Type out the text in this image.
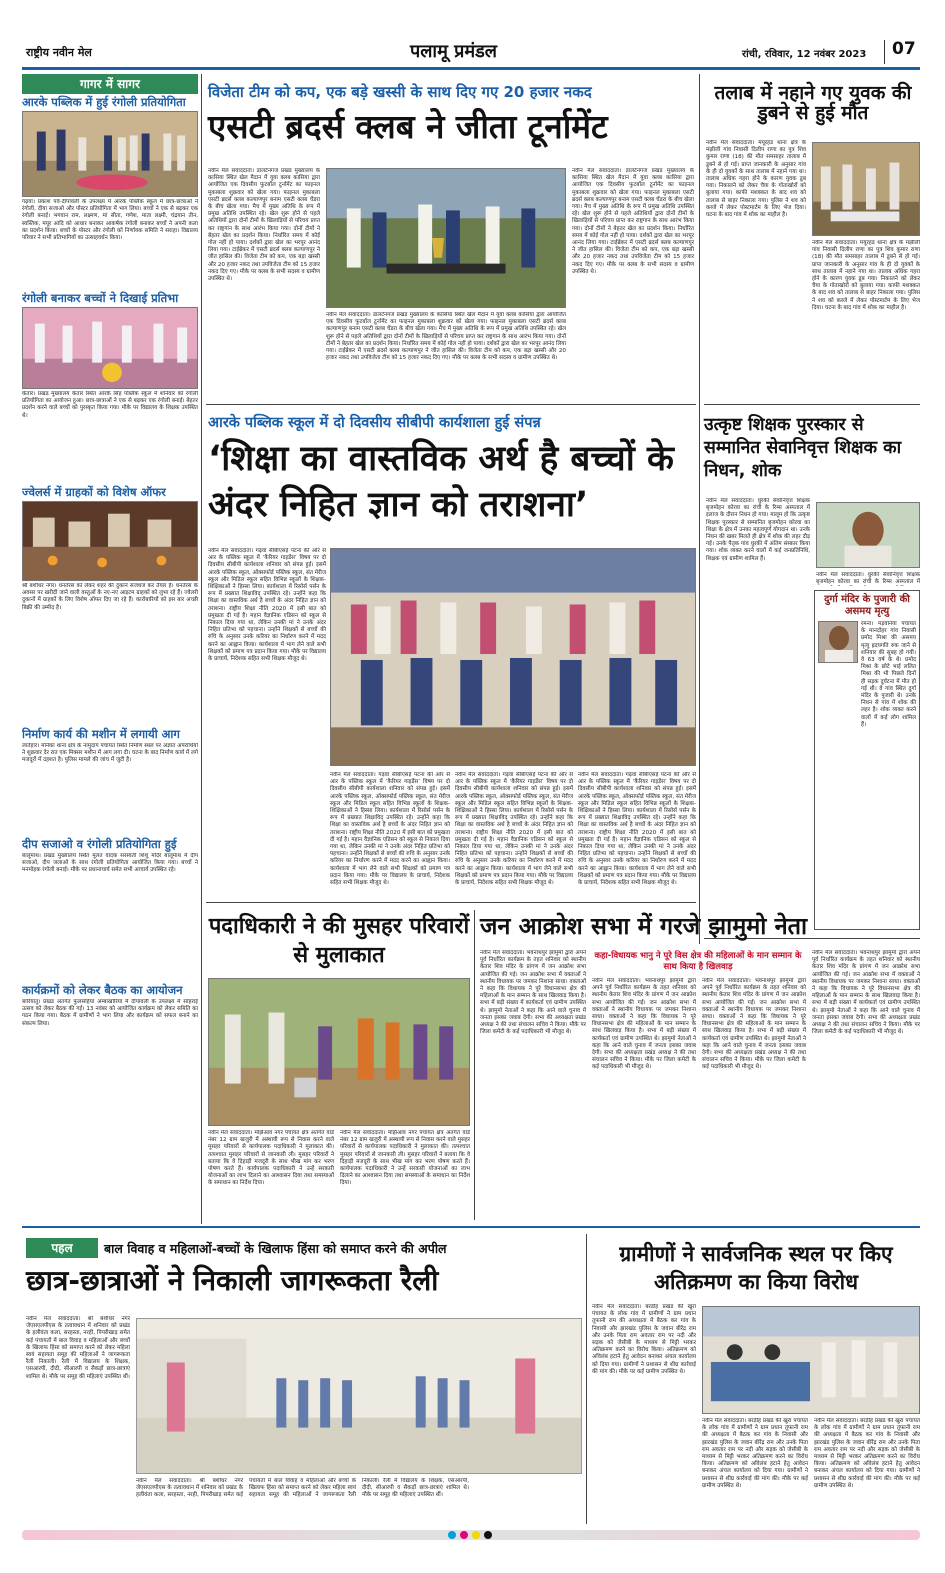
राष्ट्रीय नवीन मेल	पलामू प्रमंडल	रांची, रविवार, 12 नवंबर 2023 07
गागर में सागर
आरके पब्लिक में हुई रंगोली प्रतियोगिता
गढ़वा। प्रकाश पर्व-दीपावली के उपलक्ष्य में आरके पब्लिक स्कूल में छात्र-छात्राओं ने रंगोली, दीया सजाओ और पोस्टर प्रतियोगिता में भाग लिया। बच्चों ने एक से बढ़कर एक रंगोली बनाई। भगवान राम, लक्ष्मण, मां सीता, गणेश, माता लक्ष्मी, चंद्रयान तीन, स्वस्तिक, मयूर आदि को आधार बनाकर आकर्षक रंगोली बनाकर बच्चों ने अपनी कला का प्रदर्शन किया। बच्चों के पोस्टर और रंगोली को निर्णायक समिति ने सराहा। विद्यालय परिवार ने सभी प्रतिभागियों का उत्साहवर्धन किया।
रंगोली बनाकर बच्चों ने दिखाई प्रतिभा
केतार। प्रखंड मुख्यालय केतार स्थित आरके सिंह पब्लिक स्कूल में शनिवार को रंगोली प्रतियोगिता का आयोजन हुआ। छात्र-छात्राओं ने एक से बढ़कर एक रंगोली बनाई। बेहतर प्रदर्शन करने वाले बच्चों को पुरस्कृत किया गया। मौके पर विद्यालय के शिक्षक उपस्थित थे।
ज्वेलर्स में ग्राहकों को विशेष ऑफर
श्री बंशीधर नगर। धनतेरस को लेकर शहर की दुकानें सजधज कर तैयार हैं। धनतेरस के अवसर पर खरीदी जाने वाली वस्तुओं के नए-नए आइटम ग्राहकों को लुभा रहे हैं। ज्वेलरी दुकानों में ग्राहकों के लिए विशेष ऑफर दिए जा रहे हैं। कारोबारियों को इस बार अच्छी बिक्री की उम्मीद है।
निर्माण कार्य की मशीन में लगायी आग
लातेहार। मनिका थाना क्षेत्र के नामुदाग पंचायत स्थित निर्माण स्थल पर अज्ञात अपराधियों ने शुक्रवार देर रात एक मिक्सर मशीन में आग लगा दी। घटना के बाद निर्माण कार्य में लगे मजदूरों में दहशत है। पुलिस मामले की जांच में जुटी है।
दीप सजाओ व रंगोली प्रतियोगिता हुई
बालूमाथ। प्रखंड मुख्यालय स्थित मूलत वादक सरस्वती शिशु मंदिर बालूमाथ में दीप सजाओ, दीप जलाओ के साथ रंगोली प्रतियोगिता आयोजित किया गया। बच्चों ने मनमोहक रंगोली बनाई। मौके पर प्रधानाचार्य समेत सभी आचार्य उपस्थित रहे।
कार्यक्रमों को लेकर बैठक का आयोजन
बारियातु। प्रखंड अंतर्गत फुलसहिया अम्बाखोरिया में दीपावली के उपलक्ष्य में सोहराई उत्सव को लेकर बैठक की गई। 13 नवंबर को आयोजित कार्यक्रम को लेकर समिति का गठन किया गया। बैठक में ग्रामीणों ने भाग लिया और कार्यक्रम को सफल बनाने का संकल्प लिया।
विजेता टीम को कप, एक बड़े खस्सी के साथ दिए गए 20 हजार नकद
एसटी ब्रदर्स क्लब ने जीता टूर्नामेंट
नवीन मेल संवाददाता। डालटेनगंज प्रखंड मुख्यालय के कासिया स्थित खेल मैदान में युवा क्लब कासिया द्वारा आयोजित एक दिवसीय फुटबॉल टूर्नामेंट का फाइनल मुकाबला शुक्रवार को खेला गया। फाइनल मुकाबला एसटी ब्रदर्स क्लब कल्याणपुर बनाम एसटी क्लब चेंडरा के बीच खेला गया। मैच में मुख्य अतिथि के रूप में प्रमुख अतिथि उपस्थित रहे। खेल शुरू होने से पहले अतिथियों द्वारा दोनों टीमों के खिलाड़ियों से परिचय प्राप्त कर राष्ट्रगान के साथ आरंभ किया गया। दोनों टीमों ने बेहतर खेल का प्रदर्शन किया। निर्धारित समय में कोई गोल नहीं हो पाया। दर्शकों द्वारा खेल का भरपूर आनंद लिया गया। टाईब्रेकर में एसटी ब्रदर्स क्लब कल्याणपुर ने जीत हासिल की। विजेता टीम को कप, एक बड़ा खस्सी और 20 हजार नकद तथा उपविजेता टीम को 15 हजार नकद दिए गए। मौके पर क्लब के सभी सदस्य व ग्रामीण उपस्थित थे।
नवीन मेल संवाददाता। डालटेनगंज प्रखंड मुख्यालय के कासिया स्थित खेल मैदान में युवा क्लब कासिया द्वारा आयोजित एक दिवसीय फुटबॉल टूर्नामेंट का फाइनल मुकाबला शुक्रवार को खेला गया। फाइनल मुकाबला एसटी ब्रदर्स क्लब कल्याणपुर बनाम एसटी क्लब चेंडरा के बीच खेला गया। मैच में मुख्य अतिथि के रूप में प्रमुख अतिथि उपस्थित रहे। खेल शुरू होने से पहले अतिथियों द्वारा दोनों टीमों के खिलाड़ियों से परिचय प्राप्त कर राष्ट्रगान के साथ आरंभ किया गया। दोनों टीमों ने बेहतर खेल का प्रदर्शन किया। निर्धारित समय में कोई गोल नहीं हो पाया। दर्शकों द्वारा खेल का भरपूर आनंद लिया गया। टाईब्रेकर में एसटी ब्रदर्स क्लब कल्याणपुर ने जीत हासिल की। विजेता टीम को कप, एक बड़ा खस्सी और 20 हजार नकद तथा उपविजेता टीम को 15 हजार नकद दिए गए। मौके पर क्लब के सभी सदस्य व ग्रामीण उपस्थित थे।
नवीन मेल संवाददाता। डालटेनगंज प्रखंड मुख्यालय के कासिया स्थित खेल मैदान में युवा क्लब कासिया द्वारा आयोजित एक दिवसीय फुटबॉल टूर्नामेंट का फाइनल मुकाबला शुक्रवार को खेला गया। फाइनल मुकाबला एसटी ब्रदर्स क्लब कल्याणपुर बनाम एसटी क्लब चेंडरा के बीच खेला गया। मैच में मुख्य अतिथि के रूप में प्रमुख अतिथि उपस्थित रहे। खेल शुरू होने से पहले अतिथियों द्वारा दोनों टीमों के खिलाड़ियों से परिचय प्राप्त कर राष्ट्रगान के साथ आरंभ किया गया। दोनों टीमों ने बेहतर खेल का प्रदर्शन किया। निर्धारित समय में कोई गोल नहीं हो पाया। दर्शकों द्वारा खेल का भरपूर आनंद लिया गया। टाईब्रेकर में एसटी ब्रदर्स क्लब कल्याणपुर ने जीत हासिल की। विजेता टीम को कप, एक बड़ा खस्सी और 20 हजार नकद तथा उपविजेता टीम को 15 हजार नकद दिए गए। मौके पर क्लब के सभी सदस्य व ग्रामीण उपस्थित थे।
तलाब में नहाने गए युवक की डुबने से हुई मौत
नवीन मेल संवाददाता। मयूरहंड थाना क्षेत्र के मंझीली गांव निवासी दिलीप राणा का पुत्र शिव कुमार राणा (18) की मौत समसाहर तालाब में डूबने से हो गई। प्राप्त जानकारी के अनुसार गांव के ही दो युवकों के साथ तालाब में नहाने गया था। तालाब अधिक गहरा होने के कारण युवक डूब गया। निकालने को लेकर चैया के गोताखोरों को बुलाया गया। काफी मशक्कत के बाद शव को तालाब से बाहर निकाला गया। पुलिस ने शव को कब्जे में लेकर पोस्टमार्टम के लिए भेज दिया। घटना के बाद गांव में शोक का माहौल है।
नवीन मेल संवाददाता। मयूरहंड थाना क्षेत्र के मंझीली गांव निवासी दिलीप राणा का पुत्र शिव कुमार राणा (18) की मौत समसाहर तालाब में डूबने से हो गई। प्राप्त जानकारी के अनुसार गांव के ही दो युवकों के साथ तालाब में नहाने गया था। तालाब अधिक गहरा होने के कारण युवक डूब गया। निकालने को लेकर चैया के गोताखोरों को बुलाया गया। काफी मशक्कत के बाद शव को तालाब से बाहर निकाला गया। पुलिस ने शव को कब्जे में लेकर पोस्टमार्टम के लिए भेज दिया। घटना के बाद गांव में शोक का माहौल है।
आरके पब्लिक स्कूल में दो दिवसीय सीबीपी कार्यशाला हुई संपन्न
‘शिक्षा का वास्तविक अर्थ है बच्चों के अंदर निहित ज्ञान को तराशना’
नवीन मेल संवाददाता। गढ़वा सीबीएसई पटना की ओर से आर के पब्लिक स्कूल में ‘कैरियर गाइडेंस’ विषय पर दो दिवसीय सीबीपी कार्यशाला शनिवार को संपन्न हुई। इसमें आरके पब्लिक स्कूल, ऑक्सफोर्ड पब्लिक स्कूल, संत मेरीज स्कूल और मिडिल स्कूल सहित विभिन्न स्कूलों के शिक्षक-शिक्षिकाओं ने हिस्सा लिया। कार्यशाला में रिसोर्स पर्सन के रूप में प्रख्यात शिक्षाविद् उपस्थित रहे। उन्होंने कहा कि शिक्षा का वास्तविक अर्थ है बच्चों के अंदर निहित ज्ञान को तराशना। राष्ट्रीय शिक्षा नीति 2020 में इसी बात को प्रमुखता दी गई है। महान वैज्ञानिक एडिसन को स्कूल से निकाल दिया गया था, लेकिन उनकी मां ने उनके अंदर निहित प्रतिभा को पहचाना। उन्होंने शिक्षकों से बच्चों की रुचि के अनुसार उनके करियर का निर्धारण करने में मदद करने का आह्वान किया। कार्यशाला में भाग लेने वाले सभी शिक्षकों को प्रमाण पत्र प्रदान किया गया। मौके पर विद्यालय के प्राचार्य, निदेशक सहित सभी शिक्षक मौजूद थे।
नवीन मेल संवाददाता। गढ़वा सीबीएसई पटना की ओर से आर के पब्लिक स्कूल में ‘कैरियर गाइडेंस’ विषय पर दो दिवसीय सीबीपी कार्यशाला शनिवार को संपन्न हुई। इसमें आरके पब्लिक स्कूल, ऑक्सफोर्ड पब्लिक स्कूल, संत मेरीज स्कूल और मिडिल स्कूल सहित विभिन्न स्कूलों के शिक्षक-शिक्षिकाओं ने हिस्सा लिया। कार्यशाला में रिसोर्स पर्सन के रूप में प्रख्यात शिक्षाविद् उपस्थित रहे। उन्होंने कहा कि शिक्षा का वास्तविक अर्थ है बच्चों के अंदर निहित ज्ञान को तराशना। राष्ट्रीय शिक्षा नीति 2020 में इसी बात को प्रमुखता दी गई है। महान वैज्ञानिक एडिसन को स्कूल से निकाल दिया गया था, लेकिन उनकी मां ने उनके अंदर निहित प्रतिभा को पहचाना। उन्होंने शिक्षकों से बच्चों की रुचि के अनुसार उनके करियर का निर्धारण करने में मदद करने का आह्वान किया। कार्यशाला में भाग लेने वाले सभी शिक्षकों को प्रमाण पत्र प्रदान किया गया। मौके पर विद्यालय के प्राचार्य, निदेशक सहित सभी शिक्षक मौजूद थे।
नवीन मेल संवाददाता। गढ़वा सीबीएसई पटना की ओर से आर के पब्लिक स्कूल में ‘कैरियर गाइडेंस’ विषय पर दो दिवसीय सीबीपी कार्यशाला शनिवार को संपन्न हुई। इसमें आरके पब्लिक स्कूल, ऑक्सफोर्ड पब्लिक स्कूल, संत मेरीज स्कूल और मिडिल स्कूल सहित विभिन्न स्कूलों के शिक्षक-शिक्षिकाओं ने हिस्सा लिया। कार्यशाला में रिसोर्स पर्सन के रूप में प्रख्यात शिक्षाविद् उपस्थित रहे। उन्होंने कहा कि शिक्षा का वास्तविक अर्थ है बच्चों के अंदर निहित ज्ञान को तराशना। राष्ट्रीय शिक्षा नीति 2020 में इसी बात को प्रमुखता दी गई है। महान वैज्ञानिक एडिसन को स्कूल से निकाल दिया गया था, लेकिन उनकी मां ने उनके अंदर निहित प्रतिभा को पहचाना। उन्होंने शिक्षकों से बच्चों की रुचि के अनुसार उनके करियर का निर्धारण करने में मदद करने का आह्वान किया। कार्यशाला में भाग लेने वाले सभी शिक्षकों को प्रमाण पत्र प्रदान किया गया। मौके पर विद्यालय के प्राचार्य, निदेशक सहित सभी शिक्षक मौजूद थे।
नवीन मेल संवाददाता। गढ़वा सीबीएसई पटना की ओर से आर के पब्लिक स्कूल में ‘कैरियर गाइडेंस’ विषय पर दो दिवसीय सीबीपी कार्यशाला शनिवार को संपन्न हुई। इसमें आरके पब्लिक स्कूल, ऑक्सफोर्ड पब्लिक स्कूल, संत मेरीज स्कूल और मिडिल स्कूल सहित विभिन्न स्कूलों के शिक्षक-शिक्षिकाओं ने हिस्सा लिया। कार्यशाला में रिसोर्स पर्सन के रूप में प्रख्यात शिक्षाविद् उपस्थित रहे। उन्होंने कहा कि शिक्षा का वास्तविक अर्थ है बच्चों के अंदर निहित ज्ञान को तराशना। राष्ट्रीय शिक्षा नीति 2020 में इसी बात को प्रमुखता दी गई है। महान वैज्ञानिक एडिसन को स्कूल से निकाल दिया गया था, लेकिन उनकी मां ने उनके अंदर निहित प्रतिभा को पहचाना। उन्होंने शिक्षकों से बच्चों की रुचि के अनुसार उनके करियर का निर्धारण करने में मदद करने का आह्वान किया। कार्यशाला में भाग लेने वाले सभी शिक्षकों को प्रमाण पत्र प्रदान किया गया। मौके पर विद्यालय के प्राचार्य, निदेशक सहित सभी शिक्षक मौजूद थे।
उत्कृष्ट शिक्षक पुरस्कार से सम्मानित सेवानिवृत्त शिक्षक का निधन, शोक
नवीन मेल संवाददाता। धुरकी सेवानिवृत्त शिक्षक बृजमोहन कोरवा का रांची के रिम्स अस्पताल में इलाज के दौरान निधन हो गया। मालूम हो कि उत्कृष्ट शिक्षक पुरस्कार से सम्मानित बृजमोहन कोरवा का शिक्षा के क्षेत्र में उनका महत्वपूर्ण योगदान था। उनके निधन की खबर मिलते ही क्षेत्र में शोक की लहर दौड़ गई। उनके पैतृक गांव धुरकी में अंतिम संस्कार किया गया। शोक व्यक्त करने वालों में कई जनप्रतिनिधि, शिक्षक एवं ग्रामीण शामिल हैं।
नवीन मेल संवाददाता। धुरकी सेवानिवृत्त शिक्षक बृजमोहन कोरवा का रांची के रिम्स अस्पताल में
दुर्गा मंदिर के पुजारी की असमय मृत्यु
रमना। मड़वनिया पंचायत के मानदोहर गांव निवासी प्रमोद मिश्रा की असमय मृत्यु ह्रदयगति रुक जाने से शनिवार की सुबह हो गयी। वे 63 वर्ष के थे। प्रमोद मिश्रा के छोटे भाई ललित मिश्रा की भी पिछले दिनों ही सड़क दुर्घटना में मौत हो गई थी। वे गांव स्थित दुर्गा मंदिर के पुजारी थे। उनके निधन से गांव में शोक की लहर है। शोक व्यक्त करने वालों में कई लोग शामिल हैं।
पदाधिकारी ने की मुसहर परिवारों से मुलाकात
नवीन मेल संवाददाता। मझिआंव नगर पंचायत क्षेत्र अंतर्गत वार्ड नंबर 12 ग्राम खजुरी में अस्थायी रूप से निवास करने वाले मुसहर परिवारों से कार्यपालक पदाधिकारी ने मुलाकात की। तत्पश्चात मुसहर परिवारों से जानकारी ली। मुसहर परिवारों ने बताया कि वे दिहाड़ी मजदूरी के साथ भीख मांग कर भरण पोषण करते हैं। कार्यपालक पदाधिकारी ने उन्हें सरकारी योजनाओं का लाभ दिलाने का आश्वासन दिया तथा समस्याओं के समाधान का निर्देश दिया।
नवीन मेल संवाददाता। मझिआंव नगर पंचायत क्षेत्र अंतर्गत वार्ड नंबर 12 ग्राम खजुरी में अस्थायी रूप से निवास करने वाले मुसहर परिवारों से कार्यपालक पदाधिकारी ने मुलाकात की। तत्पश्चात मुसहर परिवारों से जानकारी ली। मुसहर परिवारों ने बताया कि वे दिहाड़ी मजदूरी के साथ भीख मांग कर भरण पोषण करते हैं। कार्यपालक पदाधिकारी ने उन्हें सरकारी योजनाओं का लाभ दिलाने का आश्वासन दिया तथा समस्याओं के समाधान का निर्देश दिया।
जन आक्रोश सभा में गरजे झामुमो नेता
नवीन मेल संवाददाता। भवनाथपुर झामुमो द्वारा अपने पूर्व निर्धारित कार्यक्रम के तहत शनिवार को स्थानीय केतार शिव मंदिर के प्रांगण में जन आक्रोश सभा आयोजित की गई। जन आक्रोश सभा में वक्ताओं ने स्थानीय विधायक पर जमकर निशाना साधा। वक्ताओं ने कहा कि विधायक ने पूरे विधानसभा क्षेत्र की महिलाओं के मान सम्मान के साथ खिलवाड़ किया है। सभा में बड़ी संख्या में कार्यकर्ता एवं ग्रामीण उपस्थित थे। झामुमो नेताओं ने कहा कि आने वाले चुनाव में जनता इसका जवाब देगी। सभा की अध्यक्षता प्रखंड अध्यक्ष ने की तथा संचालन सचिव ने किया। मौके पर जिला कमेटी के कई पदाधिकारी भी मौजूद थे।
कहा-विधायक भानु ने पूरे विस क्षेत्र की महिलाओं के मान सम्मान के साथ किया है खिलवाड़
नवीन मेल संवाददाता। भवनाथपुर झामुमो द्वारा अपने पूर्व निर्धारित कार्यक्रम के तहत शनिवार को स्थानीय केतार शिव मंदिर के प्रांगण में जन आक्रोश सभा आयोजित की गई। जन आक्रोश सभा में वक्ताओं ने स्थानीय विधायक पर जमकर निशाना साधा। वक्ताओं ने कहा कि विधायक ने पूरे विधानसभा क्षेत्र की महिलाओं के मान सम्मान के साथ खिलवाड़ किया है। सभा में बड़ी संख्या में कार्यकर्ता एवं ग्रामीण उपस्थित थे। झामुमो नेताओं ने कहा कि आने वाले चुनाव में जनता इसका जवाब देगी। सभा की अध्यक्षता प्रखंड अध्यक्ष ने की तथा संचालन सचिव ने किया। मौके पर जिला कमेटी के कई पदाधिकारी भी मौजूद थे।
नवीन मेल संवाददाता। भवनाथपुर झामुमो द्वारा अपने पूर्व निर्धारित कार्यक्रम के तहत शनिवार को स्थानीय केतार शिव मंदिर के प्रांगण में जन आक्रोश सभा आयोजित की गई। जन आक्रोश सभा में वक्ताओं ने स्थानीय विधायक पर जमकर निशाना साधा। वक्ताओं ने कहा कि विधायक ने पूरे विधानसभा क्षेत्र की महिलाओं के मान सम्मान के साथ खिलवाड़ किया है। सभा में बड़ी संख्या में कार्यकर्ता एवं ग्रामीण उपस्थित थे। झामुमो नेताओं ने कहा कि आने वाले चुनाव में जनता इसका जवाब देगी। सभा की अध्यक्षता प्रखंड अध्यक्ष ने की तथा संचालन सचिव ने किया। मौके पर जिला कमेटी के कई पदाधिकारी भी मौजूद थे।
नवीन मेल संवाददाता। भवनाथपुर झामुमो द्वारा अपने पूर्व निर्धारित कार्यक्रम के तहत शनिवार को स्थानीय केतार शिव मंदिर के प्रांगण में जन आक्रोश सभा आयोजित की गई। जन आक्रोश सभा में वक्ताओं ने स्थानीय विधायक पर जमकर निशाना साधा। वक्ताओं ने कहा कि विधायक ने पूरे विधानसभा क्षेत्र की महिलाओं के मान सम्मान के साथ खिलवाड़ किया है। सभा में बड़ी संख्या में कार्यकर्ता एवं ग्रामीण उपस्थित थे। झामुमो नेताओं ने कहा कि आने वाले चुनाव में जनता इसका जवाब देगी। सभा की अध्यक्षता प्रखंड अध्यक्ष ने की तथा संचालन सचिव ने किया। मौके पर जिला कमेटी के कई पदाधिकारी भी मौजूद थे।
पहल	बाल विवाह व महिलाओं-बच्चों के खिलाफ हिंसा को समाप्त करने की अपील
छात्र-छात्राओं ने निकाली जागरूकता रैली
नवीन मेल संवाददाता। श्री बंशीधर नगर जेएसएलपीएस के तत्वावधान में शनिवार को प्रखंड के हलीवंता कला, सरहस्ता, नरही, पिपरीखाड़ समेत कई पंचायतों में बाल विवाह व महिलाओं और बच्चों के खिलाफ हिंसा को समाप्त करने को लेकर महिला स्वयं सहायता समूह की महिलाओं ने जागरूकता रैली निकाली। रैली में विद्यालय के शिक्षक, एसआरपी, दीदी, सीआरपी व सैकड़ों छात्र-छात्राएं शामिल थे। मौके पर समूह की महिलाएं उपस्थित थीं।
नवीन मेल संवाददाता। श्री बंशीधर नगर जेएसएलपीएस के तत्वावधान में शनिवार को प्रखंड के हलीवंता कला, सरहस्ता, नरही, पिपरीखाड़ समेत कई पंचायतों में बाल विवाह व महिलाओं और बच्चों के खिलाफ हिंसा को समाप्त करने को लेकर महिला स्वयं सहायता समूह की महिलाओं ने जागरूकता रैली निकाली। रैली में विद्यालय के शिक्षक, एसआरपी, दीदी, सीआरपी व सैकड़ों छात्र-छात्राएं शामिल थे। मौके पर समूह की महिलाएं उपस्थित थीं।
ग्रामीणों ने सार्वजनिक स्थल पर किए अतिक्रमण का किया विरोध
नवीन मेल संवाददाता। बरडीह प्रखंड की खुरा पंचायत के लोक गांव में ग्रामीणों ने ग्राम प्रधान तूफानी राम की अध्यक्षता में बैठक कर गांव के निवासी और झारखंड पुलिस के जवान बीरेंद्र राम और उनके पिता राम अवतार राम पर नदी और सड़क को जेसीबी के माध्यम से मिट्टी भरकर अतिक्रमण करने का विरोध किया। अतिक्रमण को अविलंब हटाने हेतु आवेदन बनाकर अंचल कार्यालय को दिया गया। ग्रामीणों ने प्रशासन से शीघ्र कार्रवाई की मांग की। मौके पर कई ग्रामीण उपस्थित थे।
नवीन मेल संवाददाता। बरडीह प्रखंड की खुरा पंचायत के लोक गांव में ग्रामीणों ने ग्राम प्रधान तूफानी राम की अध्यक्षता में बैठक कर गांव के निवासी और झारखंड पुलिस के जवान बीरेंद्र राम और उनके पिता राम अवतार राम पर नदी और सड़क को जेसीबी के माध्यम से मिट्टी भरकर अतिक्रमण करने का विरोध किया। अतिक्रमण को अविलंब हटाने हेतु आवेदन बनाकर अंचल कार्यालय को दिया गया। ग्रामीणों ने प्रशासन से शीघ्र कार्रवाई की मांग की। मौके पर कई ग्रामीण उपस्थित थे।
नवीन मेल संवाददाता। बरडीह प्रखंड की खुरा पंचायत के लोक गांव में ग्रामीणों ने ग्राम प्रधान तूफानी राम की अध्यक्षता में बैठक कर गांव के निवासी और झारखंड पुलिस के जवान बीरेंद्र राम और उनके पिता राम अवतार राम पर नदी और सड़क को जेसीबी के माध्यम से मिट्टी भरकर अतिक्रमण करने का विरोध किया। अतिक्रमण को अविलंब हटाने हेतु आवेदन बनाकर अंचल कार्यालय को दिया गया। ग्रामीणों ने प्रशासन से शीघ्र कार्रवाई की मांग की। मौके पर कई ग्रामीण उपस्थित थे।
